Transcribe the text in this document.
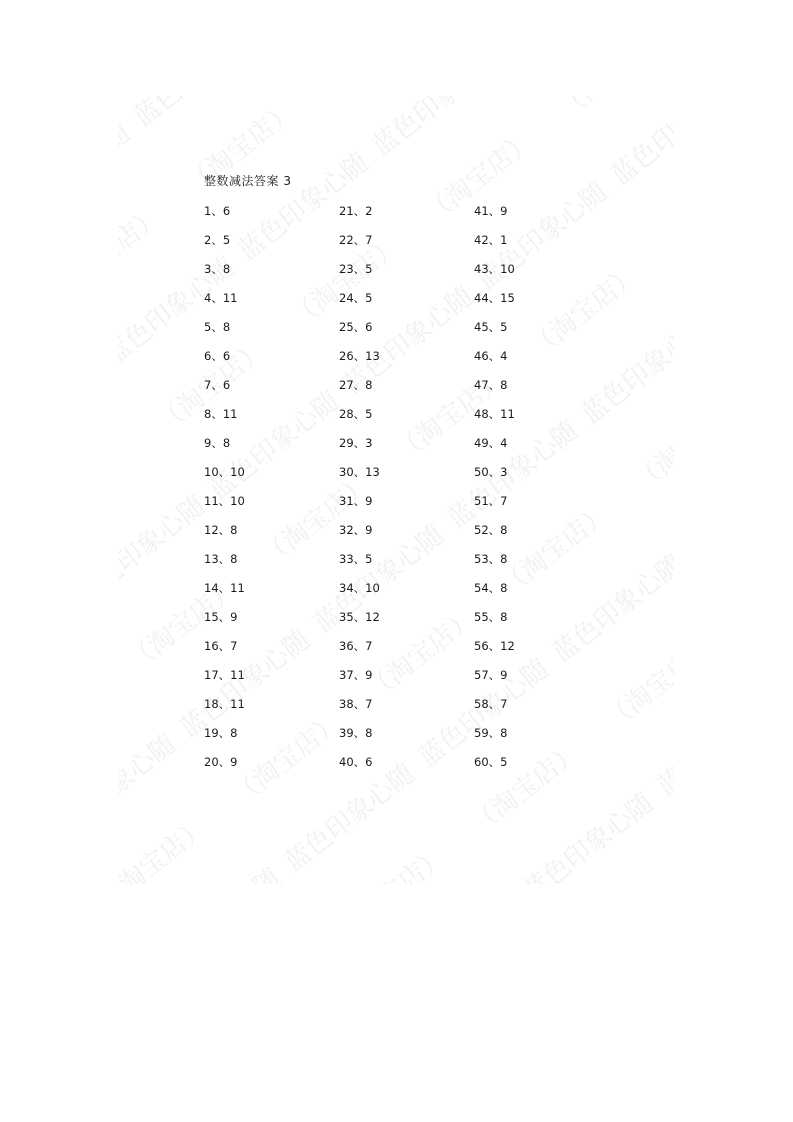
整数减法答案 3
1、6
2、5
3、8
4、11
5、8
6、6
7、6
8、11
9、8
10、10
11、10
12、8
13、8
14、11
15、9
16、7
17、11
18、11
19、8
20、9
21、2
22、7
23、5
24、5
25、6
26、13
27、8
28、5
29、3
30、13
31、9
32、9
33、5
34、10
35、12
36、7
37、9
38、7
39、8
40、6
41、9
42、1
43、10
44、15
45、5
46、4
47、8
48、11
49、4
50、3
51、7
52、8
53、8
54、8
55、8
56、12
57、9
58、7
59、8
60、5
